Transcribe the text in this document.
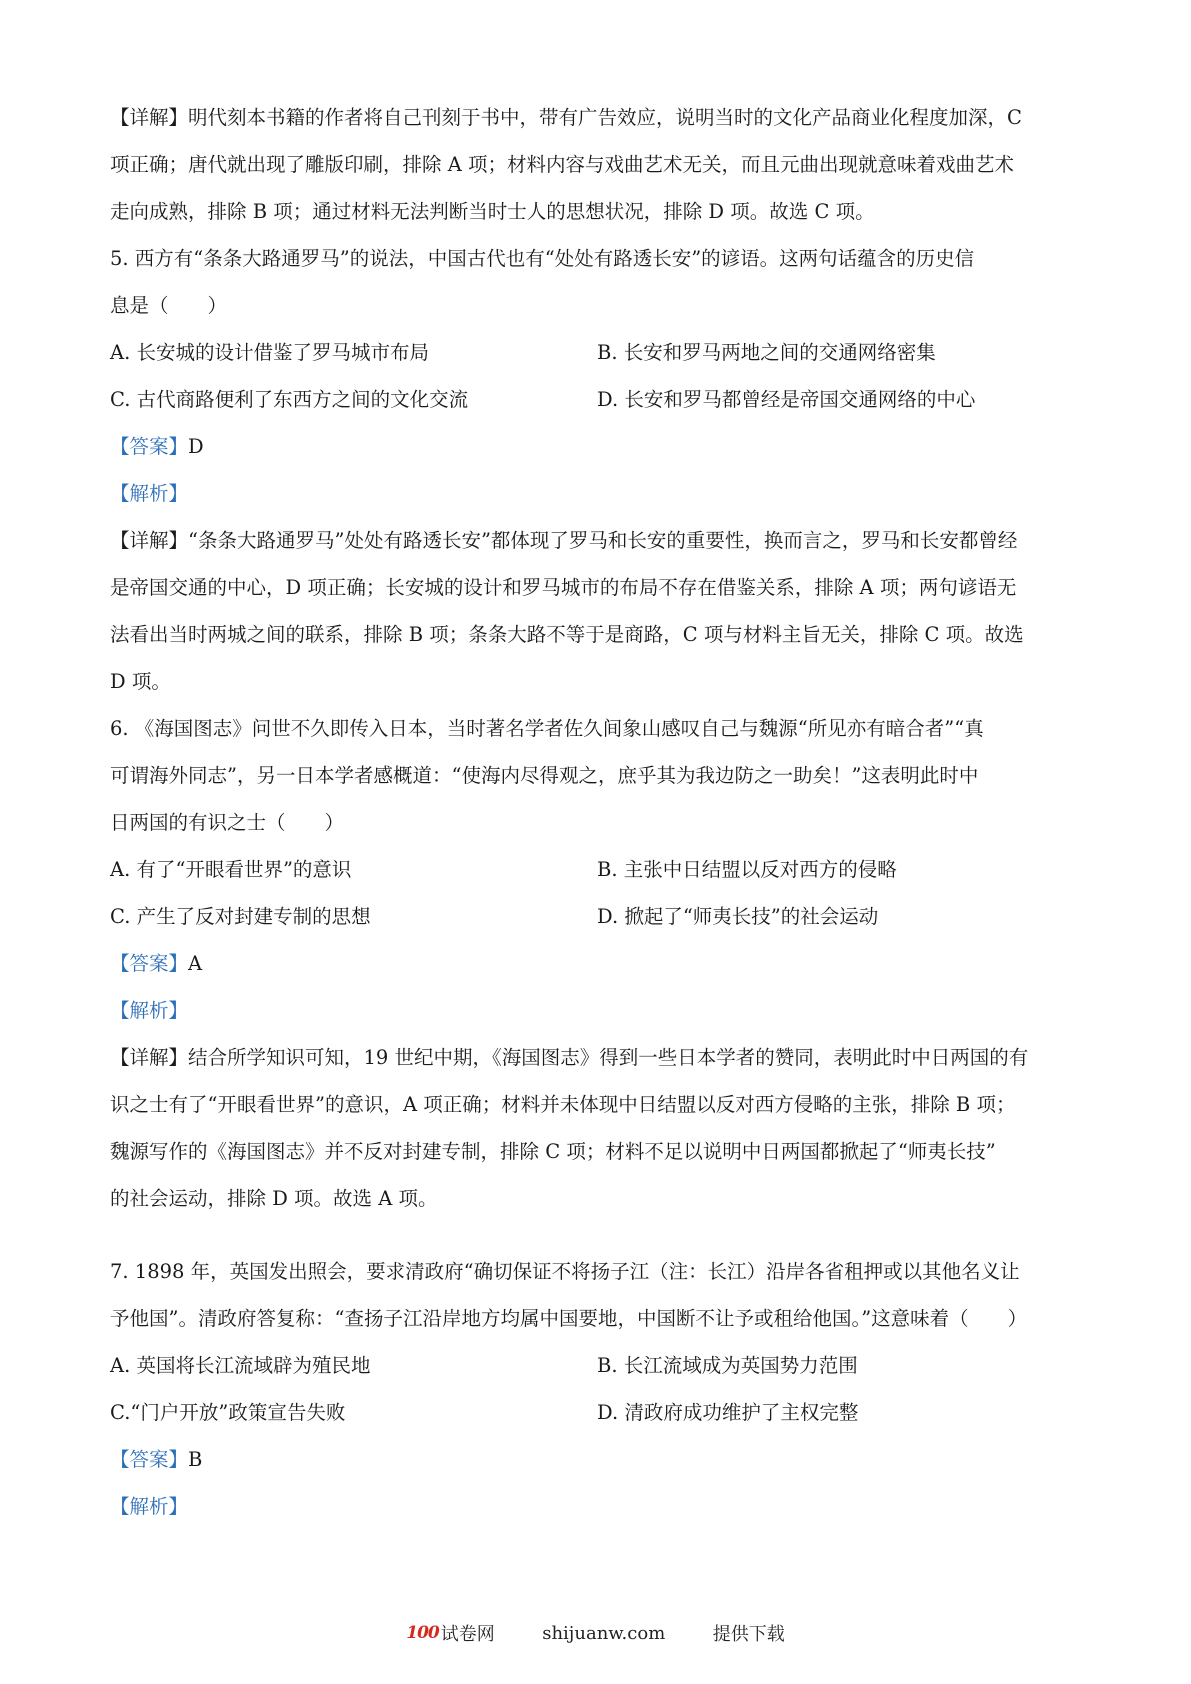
【详解】明代刻本书籍的作者将自己刊刻于书中，带有广告效应，说明当时的文化产品商业化程度加深，C
项正确；唐代就出现了雕版印刷，排除 A 项；材料内容与戏曲艺术无关，而且元曲出现就意味着戏曲艺术
走向成熟，排除 B 项；通过材料无法判断当时士人的思想状况，排除 D 项。故选 C 项。
5. 西方有“条条大路通罗马”的说法，中国古代也有“处处有路透长安”的谚语。这两句话蕴含的历史信
息是（　　）
A. 长安城的设计借鉴了罗马城市布局	B. 长安和罗马两地之间的交通网络密集
C. 古代商路便利了东西方之间的文化交流	D. 长安和罗马都曾经是帝国交通网络的中心
【答案】D
【解析】
【详解】“条条大路通罗马”处处有路透长安”都体现了罗马和长安的重要性，换而言之，罗马和长安都曾经
是帝国交通的中心，D 项正确；长安城的设计和罗马城市的布局不存在借鉴关系，排除 A 项；两句谚语无
法看出当时两城之间的联系，排除 B 项；条条大路不等于是商路，C 项与材料主旨无关，排除 C 项。故选
D 项。
6. 《海国图志》问世不久即传入日本，当时著名学者佐久间象山感叹自己与魏源“所见亦有暗合者”“真
可谓海外同志”，另一日本学者感概道：“使海内尽得观之，庶乎其为我边防之一助矣！”这表明此时中
日两国的有识之士（　　）
A. 有了“开眼看世界”的意识	B. 主张中日结盟以反对西方的侵略
C. 产生了反对封建专制的思想	D. 掀起了“师夷长技”的社会运动
【答案】A
【解析】
【详解】结合所学知识可知，19 世纪中期，《海国图志》得到一些日本学者的赞同，表明此时中日两国的有
识之士有了“开眼看世界”的意识，A 项正确；材料并未体现中日结盟以反对西方侵略的主张，排除 B 项；
魏源写作的《海国图志》并不反对封建专制，排除 C 项；材料不足以说明中日两国都掀起了“师夷长技”
的社会运动，排除 D 项。故选 A 项。
7. 1898 年，英国发出照会，要求清政府“确切保证不将扬子江（注：长江）沿岸各省租押或以其他名义让
予他国”。清政府答复称：“查扬子江沿岸地方均属中国要地，中国断不让予或租给他国。”这意味着（　　）
A. 英国将长江流域辟为殖民地	B. 长江流域成为英国势力范围
C.“门户开放”政策宣告失败	D. 清政府成功维护了主权完整
【答案】B
【解析】
100 试卷网	shijuanw.com	提供下载
